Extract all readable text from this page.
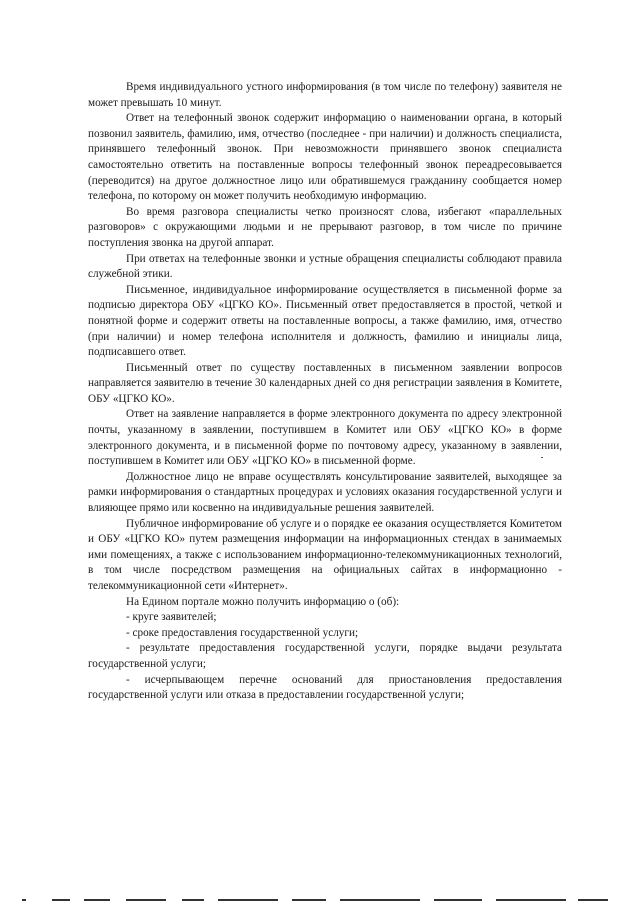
Время индивидуального устного информирования (в том числе по телефону) заявителя не может превышать 10 минут.

Ответ на телефонный звонок содержит информацию о наименовании органа, в который позвонил заявитель, фамилию, имя, отчество (последнее - при наличии) и должность специалиста, принявшего телефонный звонок. При невозможности принявшего звонок специалиста самостоятельно ответить на поставленные вопросы телефонный звонок переадресовывается (переводится) на другое должностное лицо или обратившемуся гражданину сообщается номер телефона, по которому он может получить необходимую информацию.

Во время разговора специалисты четко произносят слова, избегают «параллельных разговоров» с окружающими людьми и не прерывают разговор, в том числе по причине поступления звонка на другой аппарат.

При ответах на телефонные звонки и устные обращения специалисты соблюдают правила служебной этики.

Письменное, индивидуальное информирование осуществляется в письменной форме за подписью директора ОБУ «ЦГКО КО». Письменный ответ предоставляется в простой, четкой и понятной форме и содержит ответы на поставленные вопросы, а также фамилию, имя, отчество (при наличии) и номер телефона исполнителя и должность, фамилию и инициалы лица, подписавшего ответ.

Письменный ответ по существу поставленных в письменном заявлении вопросов направляется заявителю в течение 30 календарных дней со дня регистрации заявления в Комитете, ОБУ «ЦГКО КО».

Ответ на заявление направляется в форме электронного документа по адресу электронной почты, указанному в заявлении, поступившем в Комитет или ОБУ «ЦГКО КО» в форме электронного документа, и в письменной форме по почтовому адресу, указанному в заявлении, поступившем в Комитет или ОБУ «ЦГКО КО» в письменной форме.

Должностное лицо не вправе осуществлять консультирование заявителей, выходящее за рамки информирования о стандартных процедурах и условиях оказания государственной услуги и влияющее прямо или косвенно на индивидуальные решения заявителей.

Публичное информирование об услуге и о порядке ее оказания осуществляется Комитетом и ОБУ «ЦГКО КО» путем размещения информации на информационных стендах в занимаемых ими помещениях, а также с использованием информационно-телекоммуникационных технологий, в том числе посредством размещения на официальных сайтах в информационно - телекоммуникационной сети «Интернет».

На Едином портале можно получить информацию о (об):

- круге заявителей;

- сроке предоставления государственной услуги;

- результате предоставления государственной услуги, порядке выдачи результата государственной услуги;

- исчерпывающем перечне оснований для приостановления предоставления государственной услуги или отказа в предоставлении государственной услуги;
